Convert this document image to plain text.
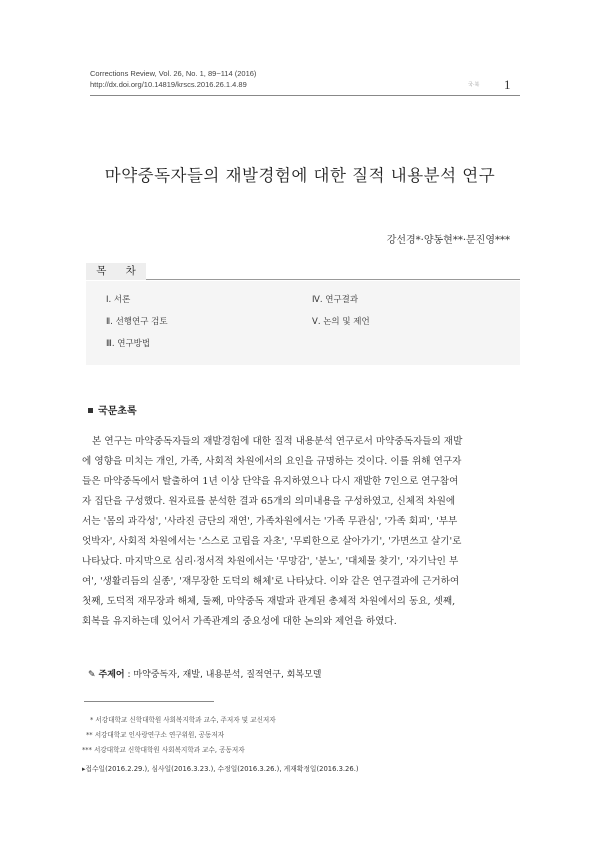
Corrections Review, Vol. 26, No. 1, 89~114 (2016)
http://dx.doi.org/10.14819/krscs.2016.26.1.4.89	국·북 1
마약중독자들의 재발경험에 대한 질적 내용분석 연구
강선경*·양동현**·문진영***
목 차
Ⅰ. 서론
Ⅱ. 선행연구 검토
Ⅲ. 연구방법
Ⅳ. 연구결과
Ⅴ. 논의 및 제언
국문초록
본 연구는 마약중독자들의 재발경험에 대한 질적 내용분석 연구로서 마약중독자들의 재발
에 영향을 미치는 개인, 가족, 사회적 차원에서의 요인을 규명하는 것이다. 이를 위해 연구자
들은 마약중독에서 탈출하여 1년 이상 단약을 유지하였으나 다시 재발한 7인으로 연구참여
자 집단을 구성했다. 원자료를 분석한 결과 65개의 의미내용을 구성하였고, 신체적 차원에
서는 '몸의 과각성', '사라진 금단의 재연', 가족차원에서는 '가족 무관심', '가족 회피', '부부
엇박자', 사회적 차원에서는 '스스로 고립을 자초', '무뢰한으로 살아가기', '가면쓰고 살기'로
나타났다. 마지막으로 심리·정서적 차원에서는 '무망감', '분노', '대체물 찾기', '자기낙인 부
여', '생활리듬의 실종', '재무장한 도덕의 해체'로 나타났다. 이와 같은 연구결과에 근거하여
첫째, 도덕적 재무장과 해체, 둘째, 마약중독 재발과 관계된 총체적 차원에서의 동요, 셋째,
회복을 유지하는데 있어서 가족관계의 중요성에 대한 논의와 제언을 하였다.
✎ 주제어 : 마약중독자, 재발, 내용분석, 질적연구, 회복모델
* 서강대학교 신학대학원 사회복지학과 교수, 주저자 및 교신저자
** 서강대학교 인사랑연구소 연구위원, 공동저자
*** 서강대학교 신학대학원 사회복지학과 교수, 공동저자
▸접수일(2016.2.29.), 심사일(2016.3.23.), 수정일(2016.3.26.), 게재확정일(2016.3.26.)
